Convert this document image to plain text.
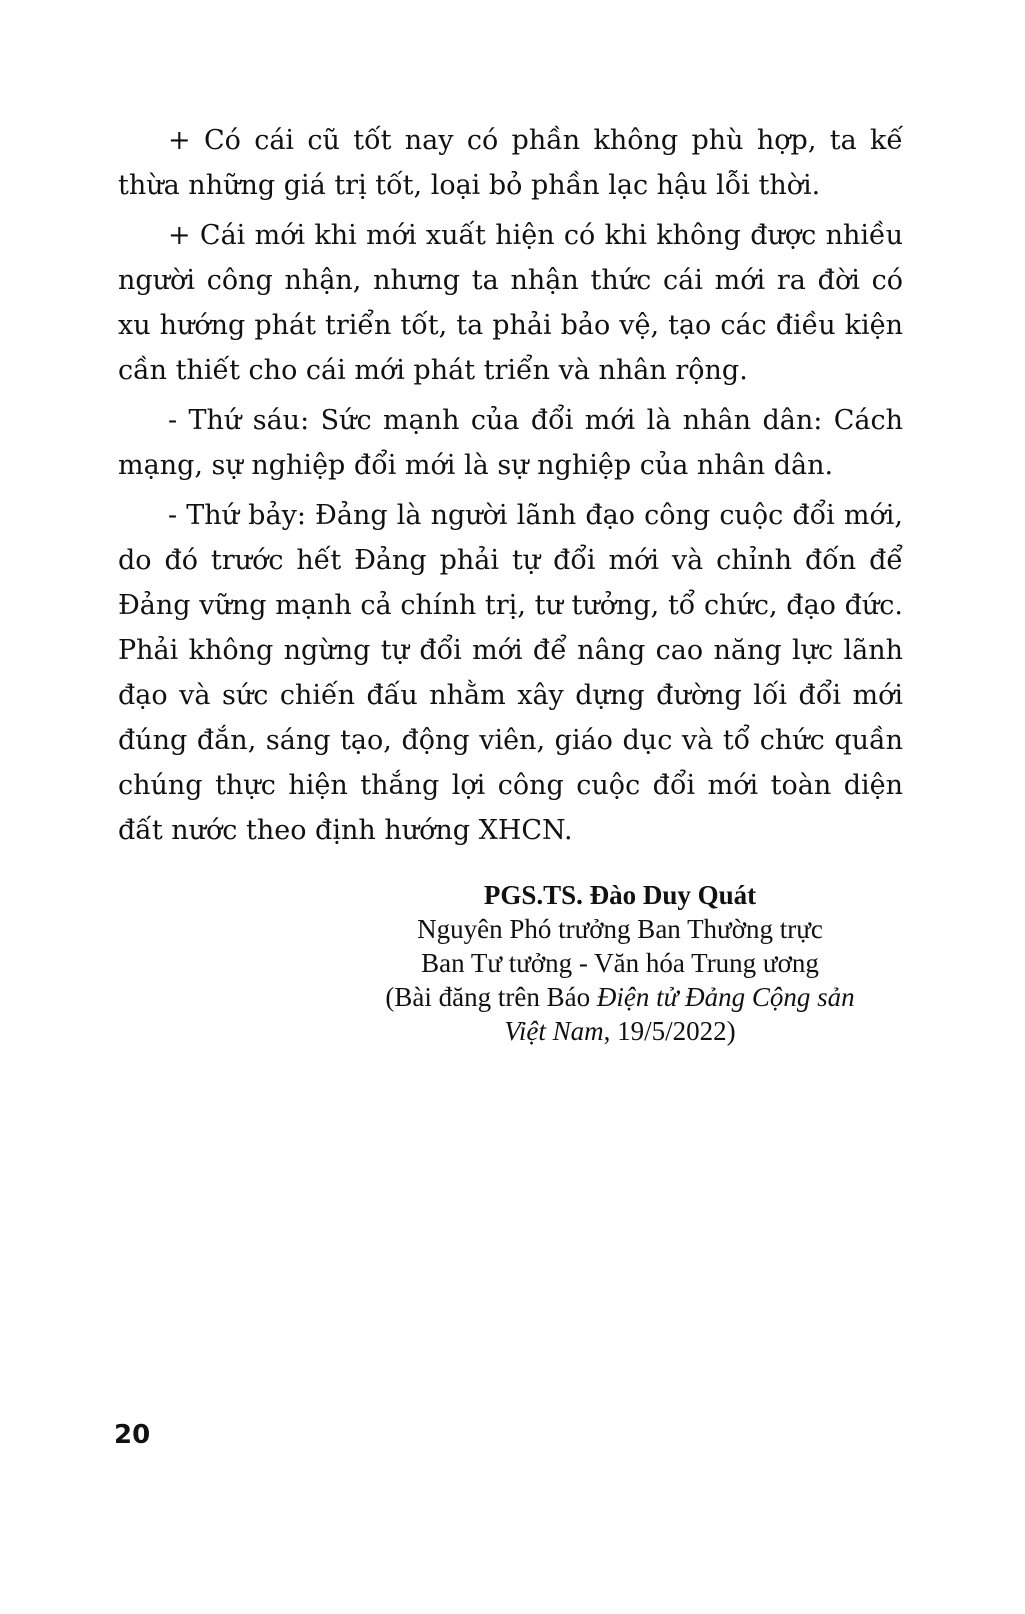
+ Có cái cũ tốt nay có phần không phù hợp, ta kế thừa những giá trị tốt, loại bỏ phần lạc hậu lỗi thời.

+ Cái mới khi mới xuất hiện có khi không được nhiều người công nhận, nhưng ta nhận thức cái mới ra đời có xu hướng phát triển tốt, ta phải bảo vệ, tạo các điều kiện cần thiết cho cái mới phát triển và nhân rộng.

- Thứ sáu: Sức mạnh của đổi mới là nhân dân: Cách mạng, sự nghiệp đổi mới là sự nghiệp của nhân dân.

- Thứ bảy: Đảng là người lãnh đạo công cuộc đổi mới, do đó trước hết Đảng phải tự đổi mới và chỉnh đốn để Đảng vững mạnh cả chính trị, tư tưởng, tổ chức, đạo đức. Phải không ngừng tự đổi mới để nâng cao năng lực lãnh đạo và sức chiến đấu nhằm xây dựng đường lối đổi mới đúng đắn, sáng tạo, động viên, giáo dục và tổ chức quần chúng thực hiện thắng lợi công cuộc đổi mới toàn diện đất nước theo định hướng XHCN.

PGS.TS. Đào Duy Quát
Nguyên Phó trưởng Ban Thường trực
Ban Tư tưởng - Văn hóa Trung ương
(Bài đăng trên Báo Điện tử Đảng Cộng sản Việt Nam, 19/5/2022)
20
